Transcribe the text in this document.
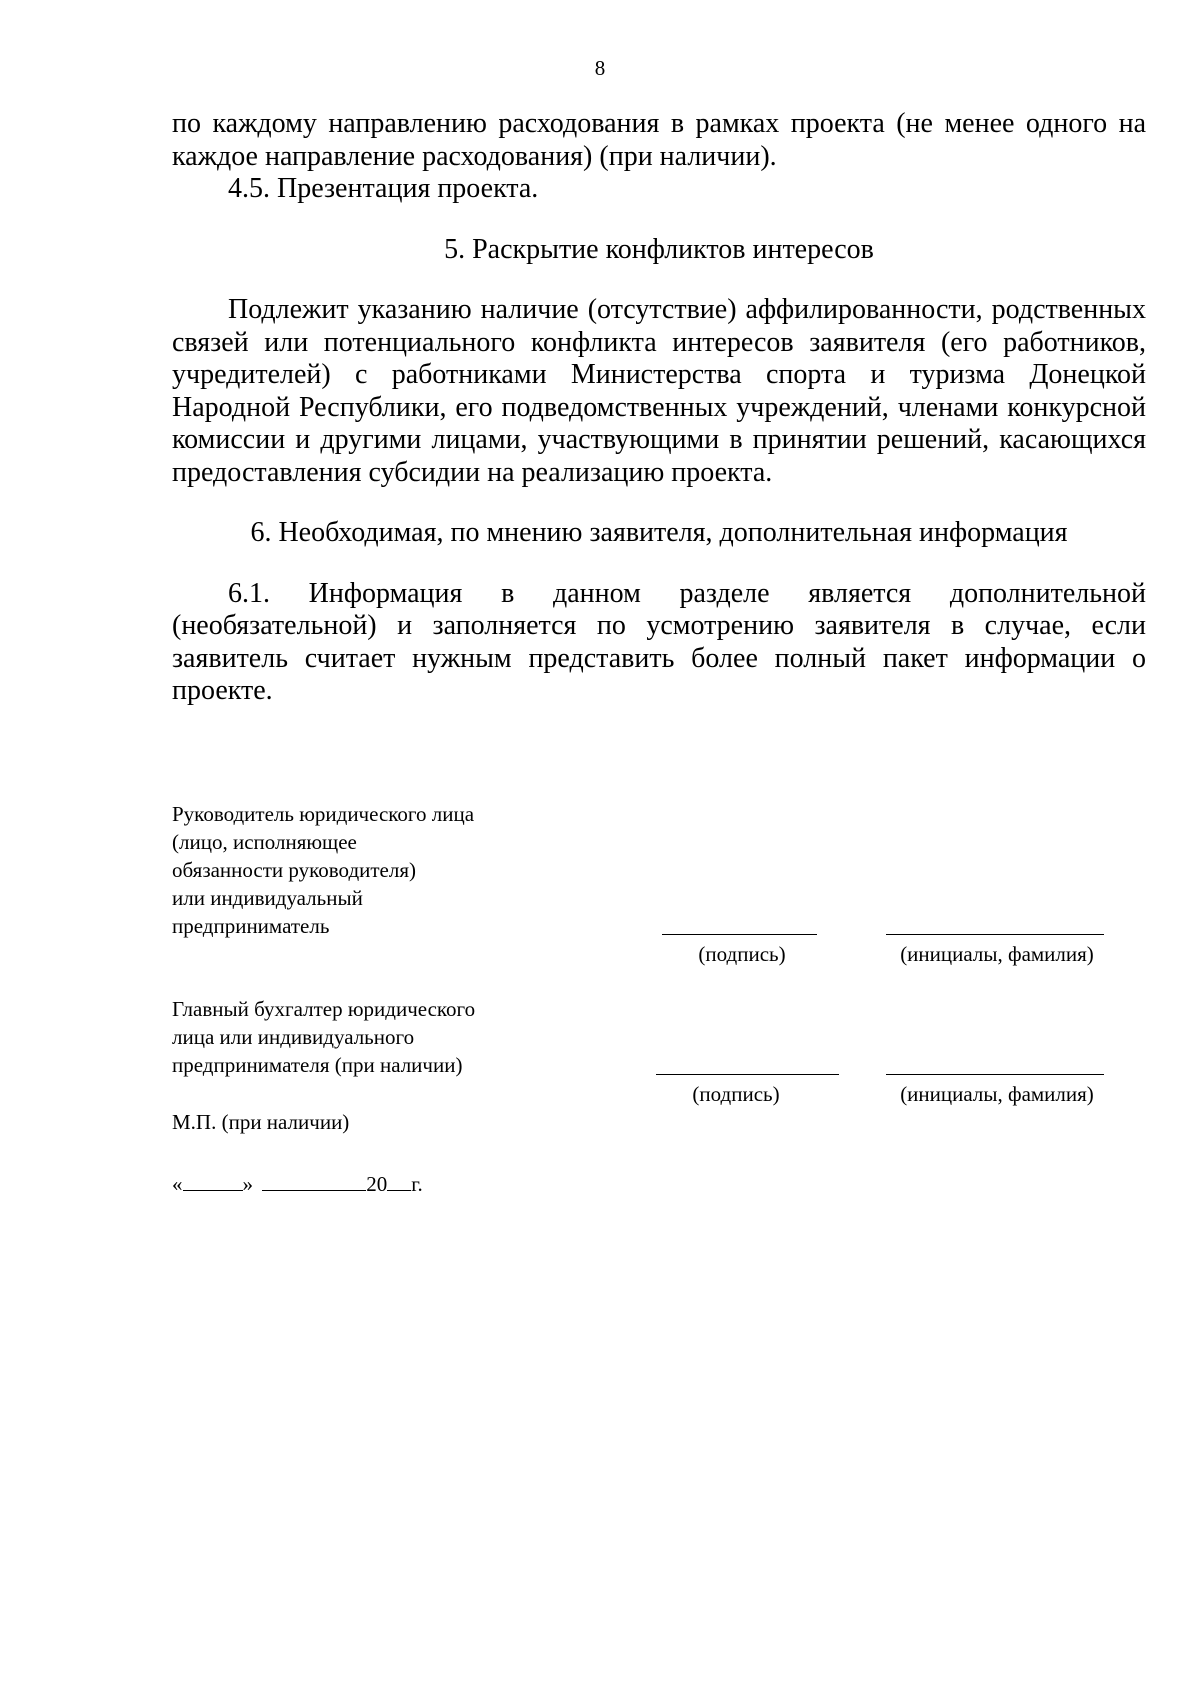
8

по каждому направлению расходования в рамках проекта (не менее одного на каждое направление расходования) (при наличии).

4.5. Презентация проекта.

5. Раскрытие конфликтов интересов

Подлежит указанию наличие (отсутствие) аффилированности, родственных связей или потенциального конфликта интересов заявителя (его работников, учредителей) с работниками Министерства спорта и туризма Донецкой Народной Республики, его подведомственных учреждений, членами конкурсной комиссии и другими лицами, участвующими в принятии решений, касающихся предоставления субсидии на реализацию проекта.

6. Необходимая, по мнению заявителя, дополнительная информация

6.1. Информация в данном разделе является дополнительной (необязательной) и заполняется по усмотрению заявителя в случае, если заявитель считает нужным представить более полный пакет информации о проекте.

Руководитель юридического лица
(лицо, исполняющее
обязанности руководителя)
или индивидуальный
предприниматель
(подпись)	(инициалы, фамилия)
Главный бухгалтер юридического
лица или индивидуального
предпринимателя (при наличии)
(подпись)	(инициалы, фамилия)
М.П. (при наличии)
«	»	20 г.
